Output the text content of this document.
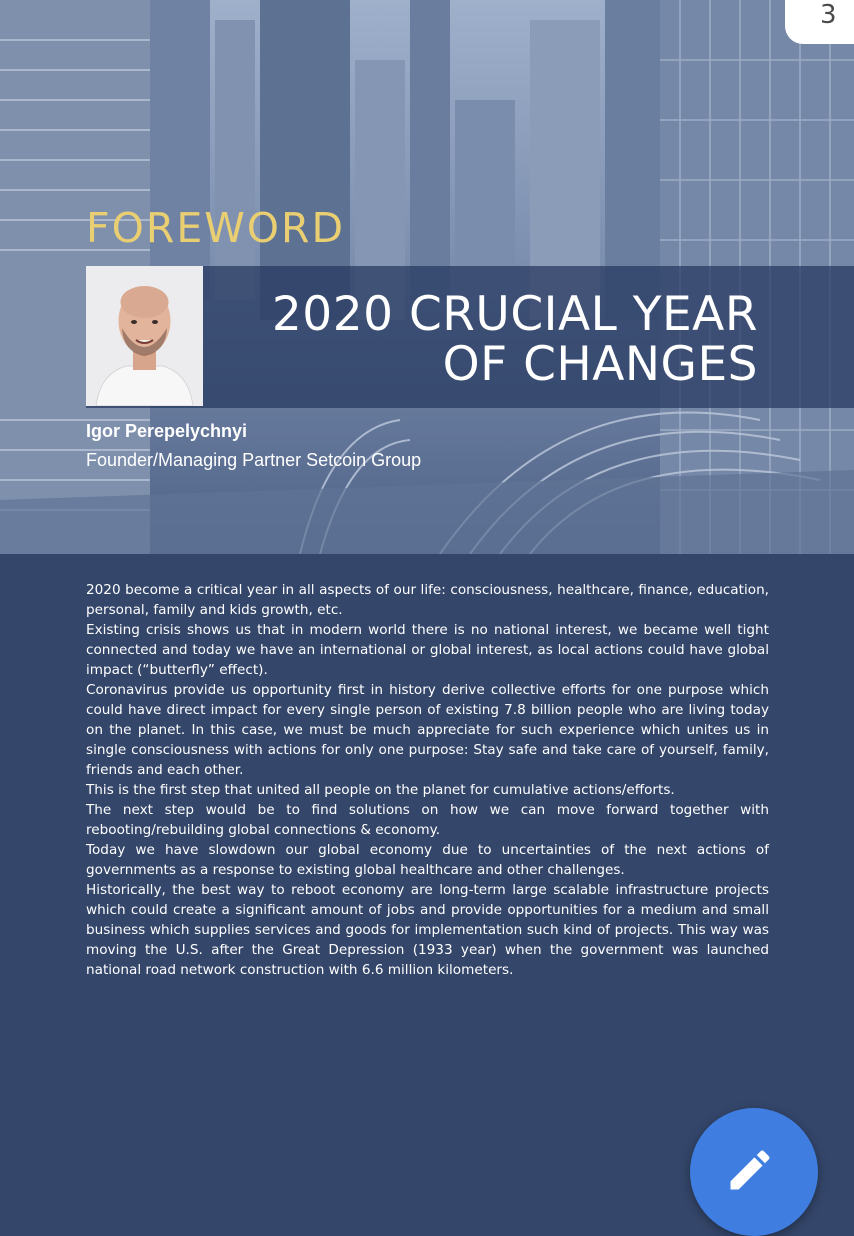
3
FOREWORD
2020 CRUCIAL YEAR
OF CHANGES
Igor Perepelychnyi
Founder/Managing Partner Setcoin Group

2020 become a critical year in all aspects of our life: consciousness, healthcare, finance, education, personal, family and kids growth, etc.

Existing crisis shows us that in modern world there is no national interest, we became well tight connected and today we have an international or global interest, as local actions could have global impact (“butterfly” effect).

Coronavirus provide us opportunity first in history derive collective efforts for one purpose which could have direct impact for every single person of existing 7.8 billion people who are living today on the planet. In this case, we must be much appreciate for such experience which unites us in single consciousness with actions for only one purpose: Stay safe and take care of yourself, family, friends and each other.

This is the first step that united all people on the planet for cumulative actions/efforts.

The next step would be to find solutions on how we can move forward together with rebooting/rebuilding global connections & economy.

Today we have slowdown our global economy due to uncertainties of the next actions of governments as a response to existing global healthcare and other challenges.

Historically, the best way to reboot economy are long-term large scalable infrastructure projects which could create a significant amount of jobs and provide opportunities for a medium and small business which supplies services and goods for implementation such kind of projects. This way was moving the U.S. after the Great Depression (1933 year) when the government was launched national road network construction with 6.6 million kilometers.
